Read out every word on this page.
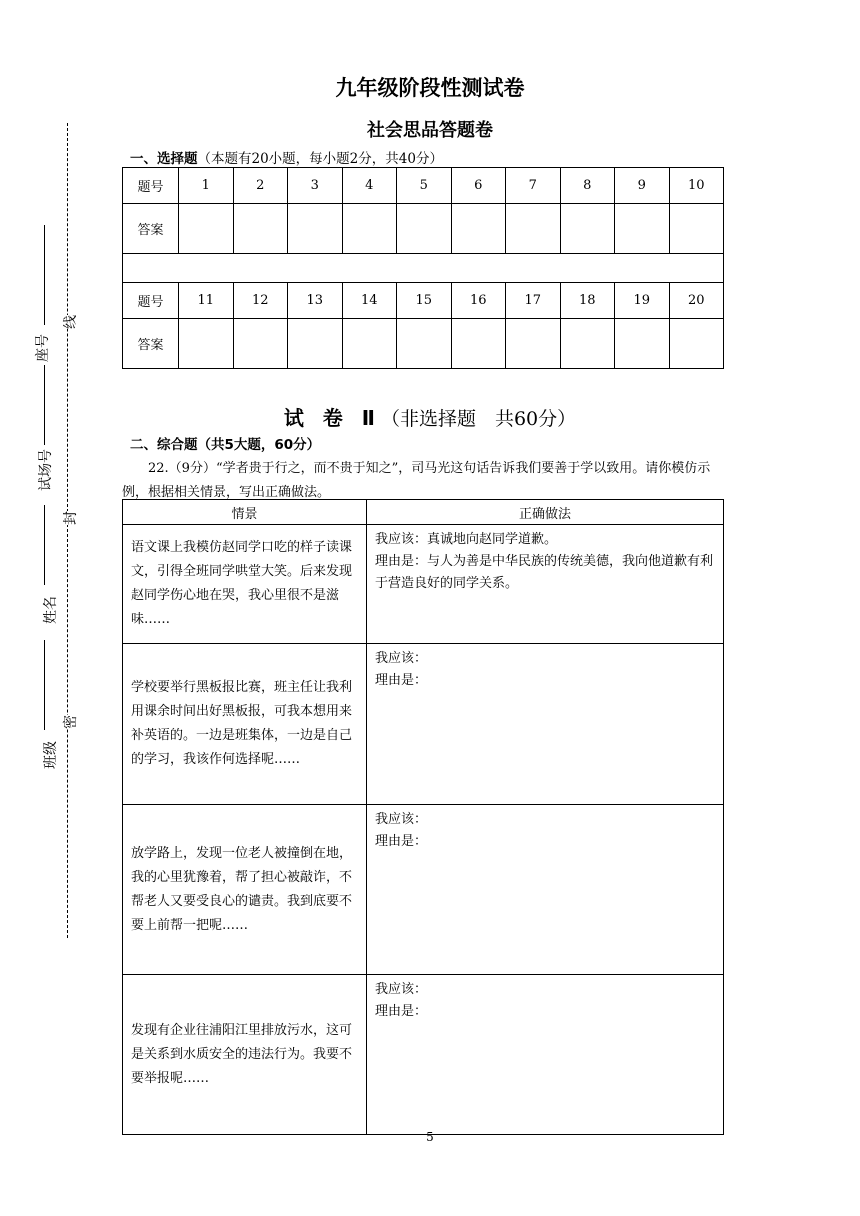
座号
线
试场号
封
姓名
密
班级
九年级阶段性测试卷
社会思品答题卷
一、选择题（本题有20小题，每小题2分，共40分）
题号	1	2	3	4	5	6	7	8	9	10
答案										

题号	11	12	13	14	15	16	17	18	19	20
答案										
试 卷 Ⅱ（非选择题　共60分）
二、综合题（共5大题，60分）
22.（9分）“学者贵于行之，而不贵于知之”，司马光这句话告诉我们要善于学以致用。请你模仿示例，根据相关情景，写出正确做法。
情景	正确做法
语文课上我模仿赵同学口吃的样子读课文，引得全班同学哄堂大笑。后来发现赵同学伤心地在哭，我心里很不是滋味……	我应该：真诚地向赵同学道歉。
理由是：与人为善是中华民族的传统美德，我向他道歉有利于营造良好的同学关系。

学校要举行黑板报比赛，班主任让我利用课余时间出好黑板报，可我本想用来补英语的。一边是班集体，一边是自己的学习，我该作何选择呢……	我应该：
理由是：

放学路上，发现一位老人被撞倒在地，我的心里犹豫着，帮了担心被敲诈，不帮老人又要受良心的谴责。我到底要不要上前帮一把呢……	我应该：
理由是：

发现有企业往浦阳江里排放污水，这可是关系到水质安全的违法行为。我要不要举报呢……	我应该：
理由是：
5
